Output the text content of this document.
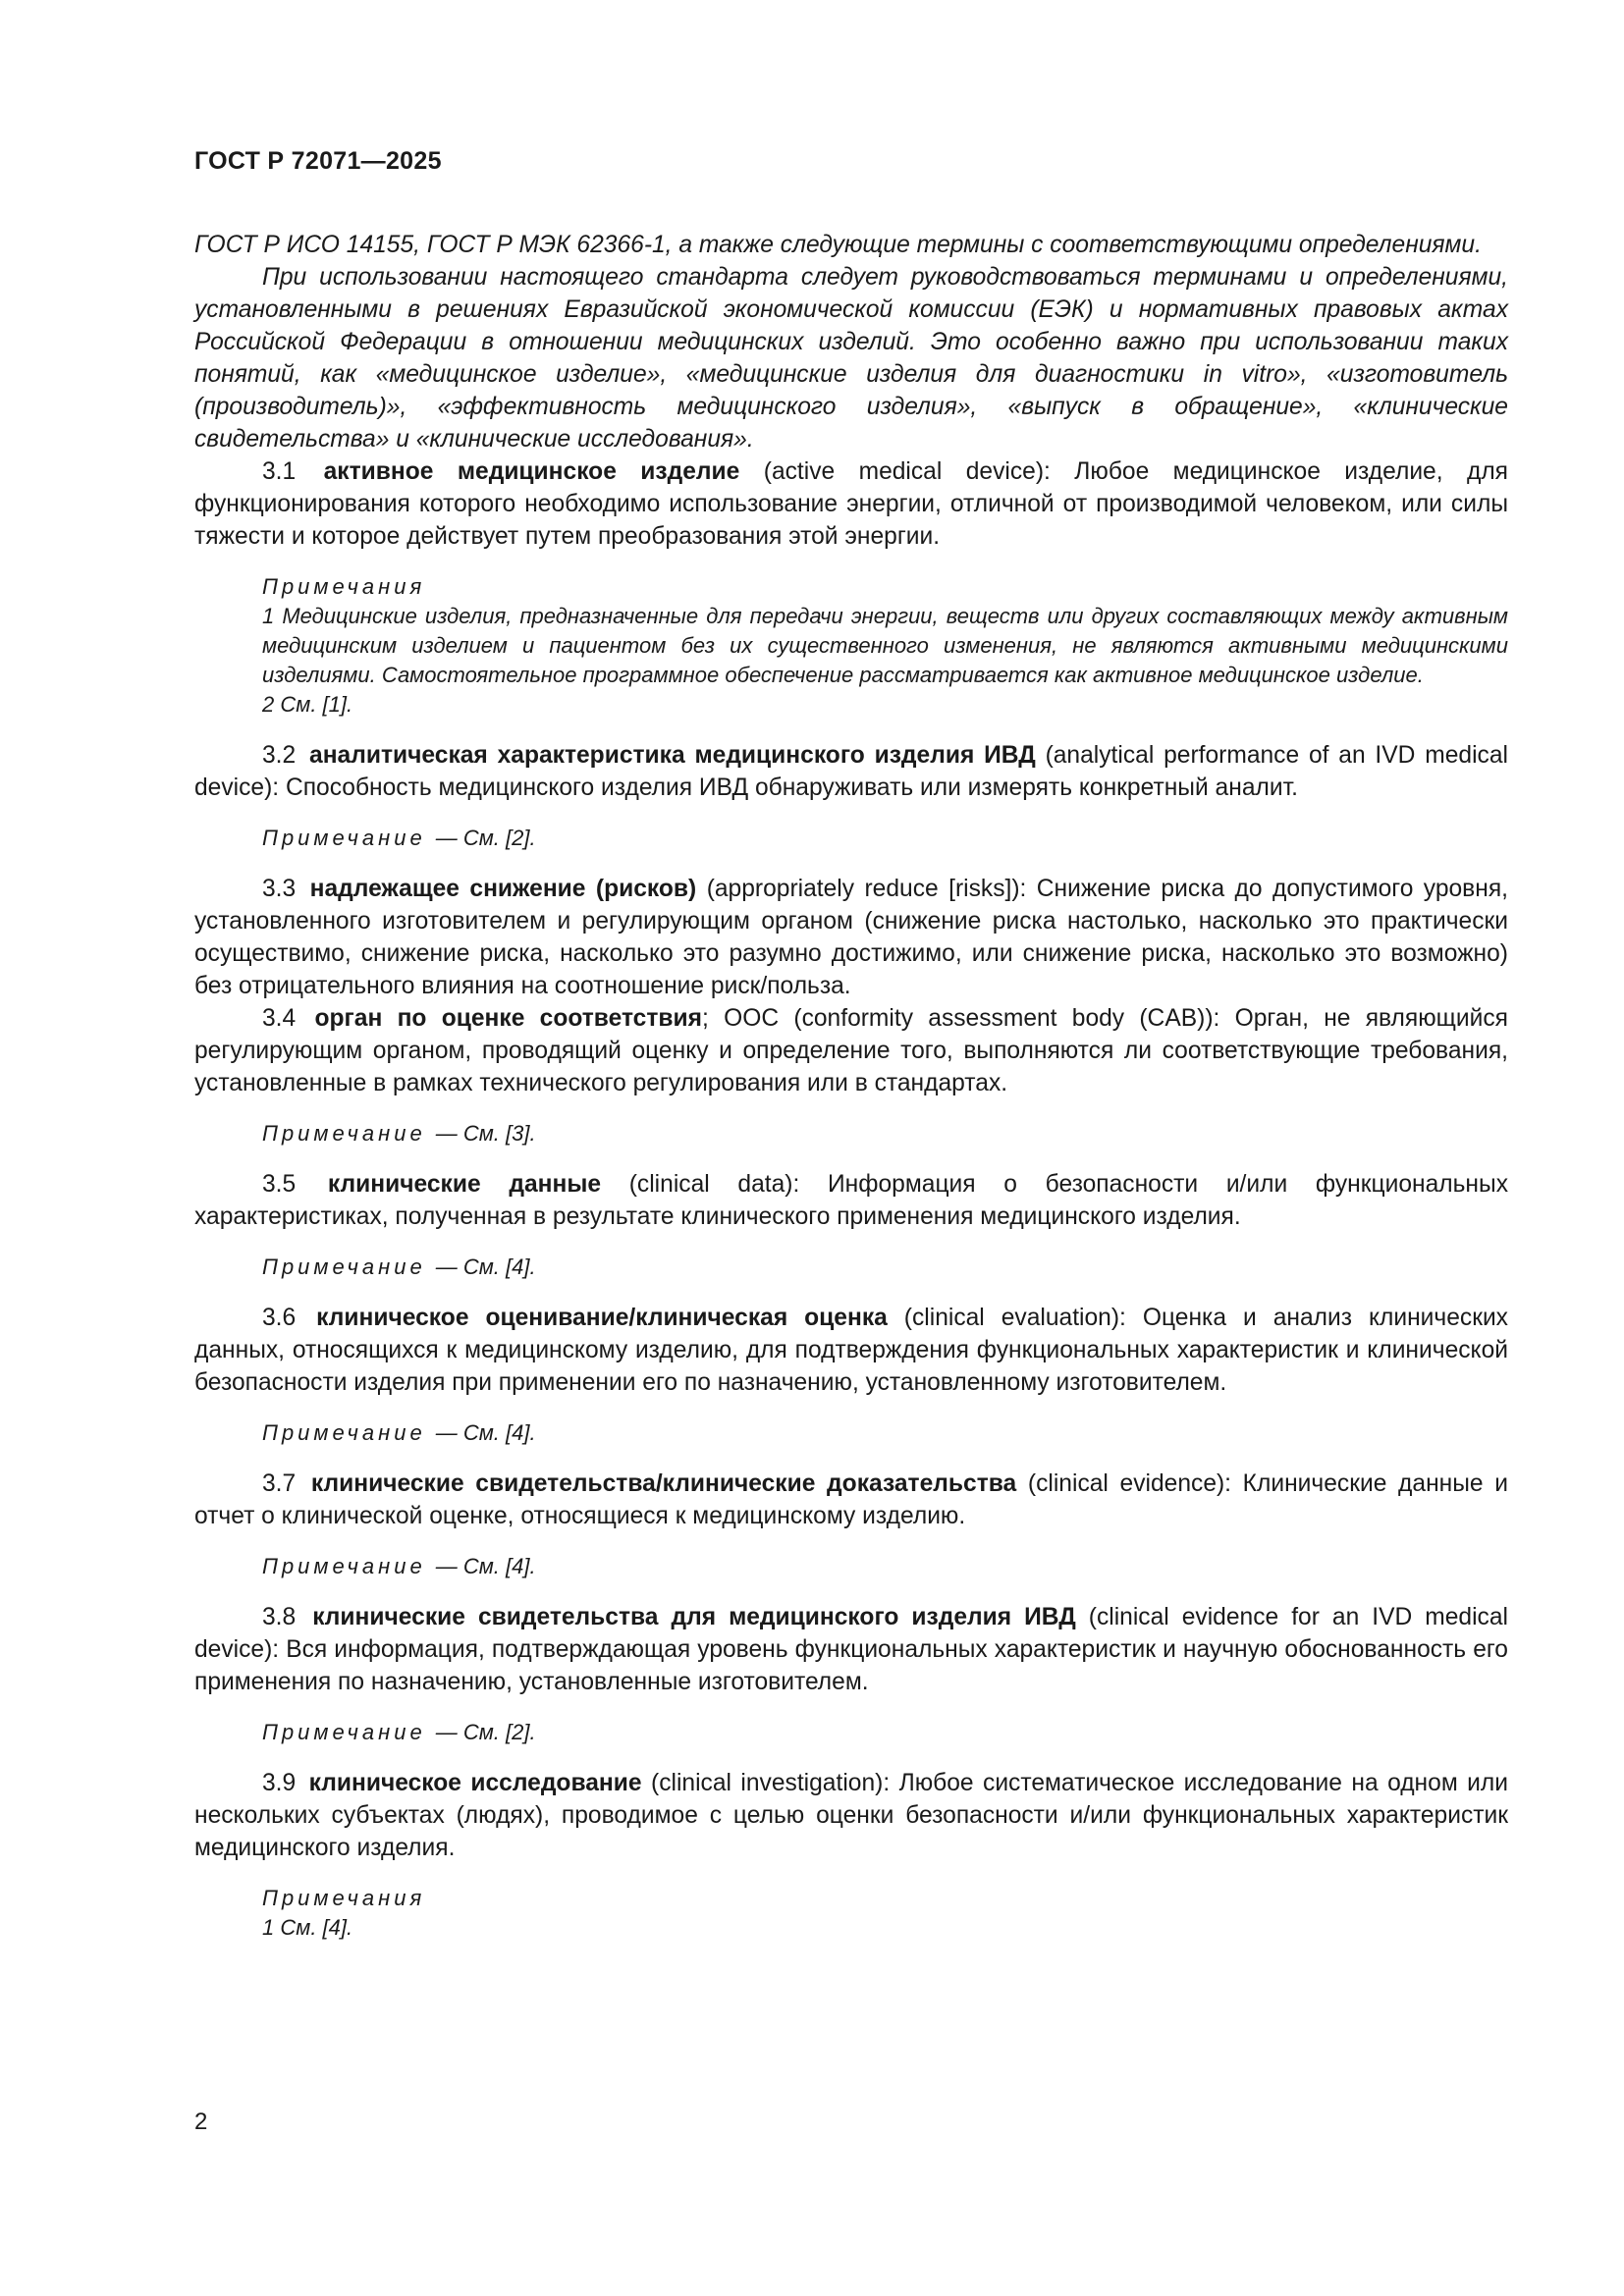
ГОСТ Р 72071—2025

ГОСТ Р ИСО 14155, ГОСТ Р МЭК 62366-1, а также следующие термины с соответствующими определениями.

При использовании настоящего стандарта следует руководствоваться терминами и определениями, установленными в решениях Евразийской экономической комиссии (ЕЭК) и нормативных правовых актах Российской Федерации в отношении медицинских изделий. Это особенно важно при использовании таких понятий, как «медицинское изделие», «медицинские изделия для диагностики in vitro», «изготовитель (производитель)», «эффективность медицинского изделия», «выпуск в обращение», «клинические свидетельства» и «клинические исследования».

3.1 активное медицинское изделие (active medical device): Любое медицинское изделие, для функционирования которого необходимо использование энергии, отличной от производимой человеком, или силы тяжести и которое действует путем преобразования этой энергии.

Примечания
1 Медицинские изделия, предназначенные для передачи энергии, веществ или других составляющих между активным медицинским изделием и пациентом без их существенного изменения, не являются активными медицинскими изделиями. Самостоятельное программное обеспечение рассматривается как активное медицинское изделие.
2 См. [1].

3.2 аналитическая характеристика медицинского изделия ИВД (analytical performance of an IVD medical device): Способность медицинского изделия ИВД обнаруживать или измерять конкретный аналит.

Примечание — См. [2].

3.3 надлежащее снижение (рисков) (appropriately reduce [risks]): Снижение риска до допустимого уровня, установленного изготовителем и регулирующим органом (снижение риска настолько, насколько это практически осуществимо, снижение риска, насколько это разумно достижимо, или снижение риска, насколько это возможно) без отрицательного влияния на соотношение риск/польза.

3.4 орган по оценке соответствия; ООС (conformity assessment body (CAB)): Орган, не являющийся регулирующим органом, проводящий оценку и определение того, выполняются ли соответствующие требования, установленные в рамках технического регулирования или в стандартах.

Примечание — См. [3].

3.5 клинические данные (clinical data): Информация о безопасности и/или функциональных характеристиках, полученная в результате клинического применения медицинского изделия.

Примечание — См. [4].

3.6 клиническое оценивание/клиническая оценка (clinical evaluation): Оценка и анализ клинических данных, относящихся к медицинскому изделию, для подтверждения функциональных характеристик и клинической безопасности изделия при применении его по назначению, установленному изготовителем.

Примечание — См. [4].

3.7 клинические свидетельства/клинические доказательства (clinical evidence): Клинические данные и отчет о клинической оценке, относящиеся к медицинскому изделию.

Примечание — См. [4].

3.8 клинические свидетельства для медицинского изделия ИВД (clinical evidence for an IVD medical device): Вся информация, подтверждающая уровень функциональных характеристик и научную обоснованность его применения по назначению, установленные изготовителем.

Примечание — См. [2].

3.9 клиническое исследование (clinical investigation): Любое систематическое исследование на одном или нескольких субъектах (людях), проводимое с целью оценки безопасности и/или функциональных характеристик медицинского изделия.

Примечания
1 См. [4].
2
